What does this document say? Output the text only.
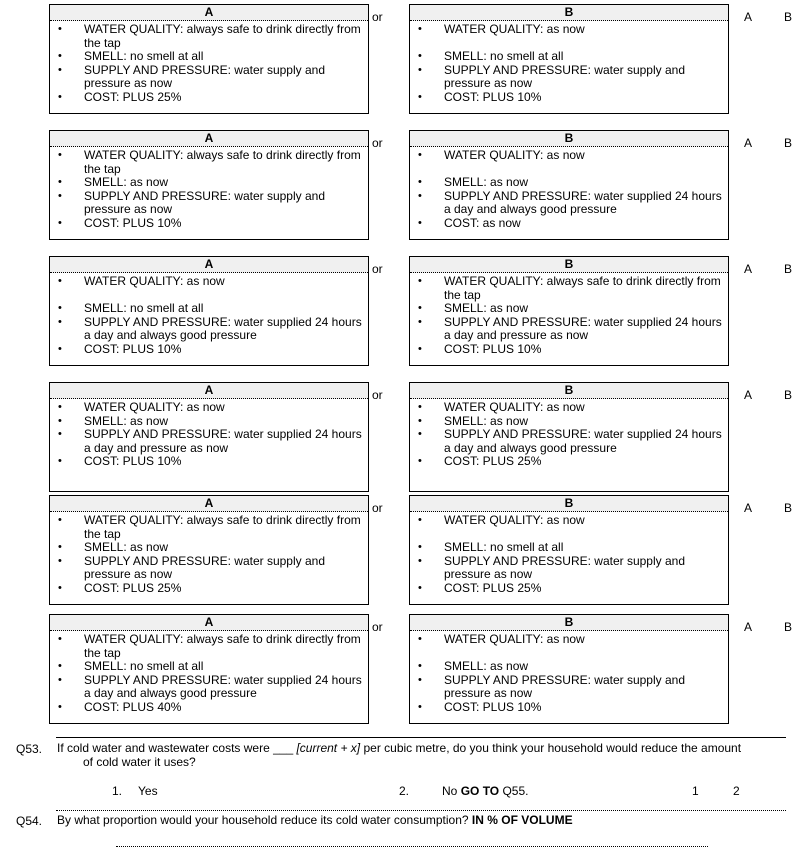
A
• WATER QUALITY: always safe to drink directly from the tap
• SMELL: no smell at all
• SUPPLY AND PRESSURE: water supply and pressure as now
• COST: PLUS 25%
B
• WATER QUALITY: as now
• SMELL: no smell at all
• SUPPLY AND PRESSURE: water supply and pressure as now
• COST: PLUS 10%
or	A	B
A
• WATER QUALITY: always safe to drink directly from the tap
• SMELL: as now
• SUPPLY AND PRESSURE: water supply and pressure as now
• COST: PLUS 10%
B
• WATER QUALITY: as now
• SMELL: as now
• SUPPLY AND PRESSURE: water supplied 24 hours a day and always good pressure
• COST: as now
or	A	B
A
• WATER QUALITY: as now
• SMELL: no smell at all
• SUPPLY AND PRESSURE: water supplied 24 hours a day and always good pressure
• COST: PLUS 10%
B
• WATER QUALITY: always safe to drink directly from the tap
• SMELL: as now
• SUPPLY AND PRESSURE: water supplied 24 hours a day and pressure as now
• COST: PLUS 10%
or	A	B
A
• WATER QUALITY: as now
• SMELL: as now
• SUPPLY AND PRESSURE: water supplied 24 hours a day and pressure as now
• COST: PLUS 10%
B
• WATER QUALITY: as now
• SMELL: as now
• SUPPLY AND PRESSURE: water supplied 24 hours a day and always good pressure
• COST: PLUS 25%
or	A	B
A
• WATER QUALITY: always safe to drink directly from the tap
• SMELL: as now
• SUPPLY AND PRESSURE: water supply and pressure as now
• COST: PLUS 25%
B
• WATER QUALITY: as now
• SMELL: no smell at all
• SUPPLY AND PRESSURE: water supply and pressure as now
• COST: PLUS 25%
or	A	B
A
• WATER QUALITY: always safe to drink directly from the tap
• SMELL: no smell at all
• SUPPLY AND PRESSURE: water supplied 24 hours a day and always good pressure
• COST: PLUS 40%
B
• WATER QUALITY: as now
• SMELL: as now
• SUPPLY AND PRESSURE: water supply and pressure as now
• COST: PLUS 10%
or	A	B
Q53. If cold water and wastewater costs were ___ [current + x] per cubic metre, do you think your household would reduce the amount
of cold water it uses?
1. Yes	2.	No GO TO Q55.	1	2
Q54. By what proportion would your household reduce its cold water consumption? IN % OF VOLUME
